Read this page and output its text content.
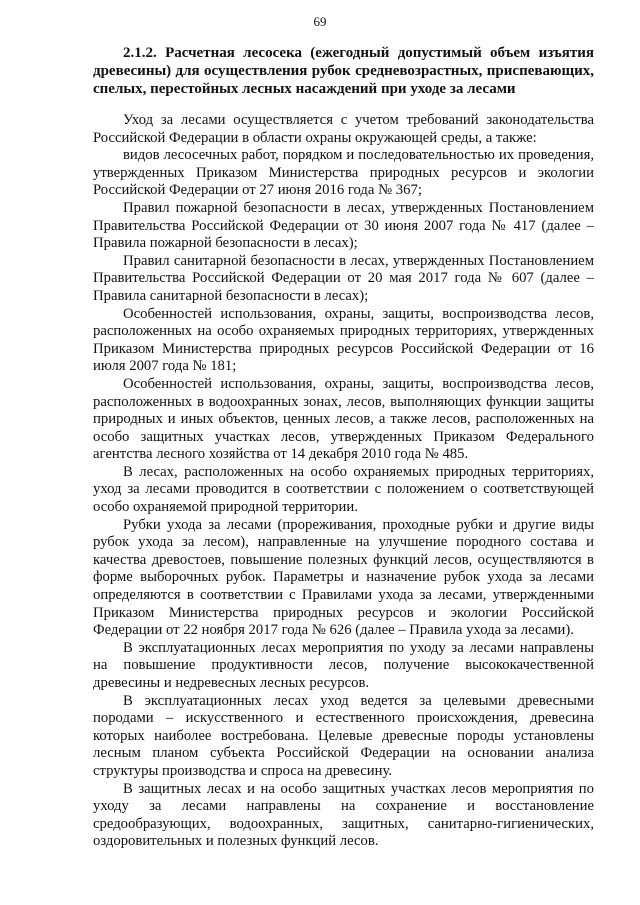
69

2.1.2. Расчетная лесосека (ежегодный допустимый объем изъятия древесины) для осуществления рубок средневозрастных, приспевающих, спелых, перестойных лесных насаждений при уходе за лесами

Уход за лесами осуществляется с учетом требований законодательства Российской Федерации в области охраны окружающей среды, а также:

видов лесосечных работ, порядком и последовательностью их проведения, утвержденных Приказом Министерства природных ресурсов и экологии Российской Федерации от 27 июня 2016 года № 367;

Правил пожарной безопасности в лесах, утвержденных Постановлением Правительства Российской Федерации от 30 июня 2007 года № 417 (далее – Правила пожарной безопасности в лесах);

Правил санитарной безопасности в лесах, утвержденных Постановлением Правительства Российской Федерации от 20 мая 2017 года № 607 (далее – Правила санитарной безопасности в лесах);

Особенностей использования, охраны, защиты, воспроизводства лесов, расположенных на особо охраняемых природных территориях, утвержденных Приказом Министерства природных ресурсов Российской Федерации от 16 июля 2007 года № 181;

Особенностей использования, охраны, защиты, воспроизводства лесов, расположенных в водоохранных зонах, лесов, выполняющих функции защиты природных и иных объектов, ценных лесов, а также лесов, расположенных на особо защитных участках лесов, утвержденных Приказом Федерального агентства лесного хозяйства от 14 декабря 2010 года № 485.

В лесах, расположенных на особо охраняемых природных территориях, уход за лесами проводится в соответствии с положением о соответствующей особо охраняемой природной территории.

Рубки ухода за лесами (прореживания, проходные рубки и другие виды рубок ухода за лесом), направленные на улучшение породного состава и качества древостоев, повышение полезных функций лесов, осуществляются в форме выборочных рубок. Параметры и назначение рубок ухода за лесами определяются в соответствии с Правилами ухода за лесами, утвержденными Приказом Министерства природных ресурсов и экологии Российской Федерации от 22 ноября 2017 года № 626 (далее – Правила ухода за лесами).

В эксплуатационных лесах мероприятия по уходу за лесами направлены на повышение продуктивности лесов, получение высококачественной древесины и недревесных лесных ресурсов.

В эксплуатационных лесах уход ведется за целевыми древесными породами – искусственного и естественного происхождения, древесина которых наиболее востребована. Целевые древесные породы установлены лесным планом субъекта Российской Федерации на основании анализа структуры производства и спроса на древесину.

В защитных лесах и на особо защитных участках лесов мероприятия по уходу за лесами направлены на сохранение и восстановление средообразующих, водоохранных, защитных, санитарно-гигиенических, оздоровительных и полезных функций лесов.
